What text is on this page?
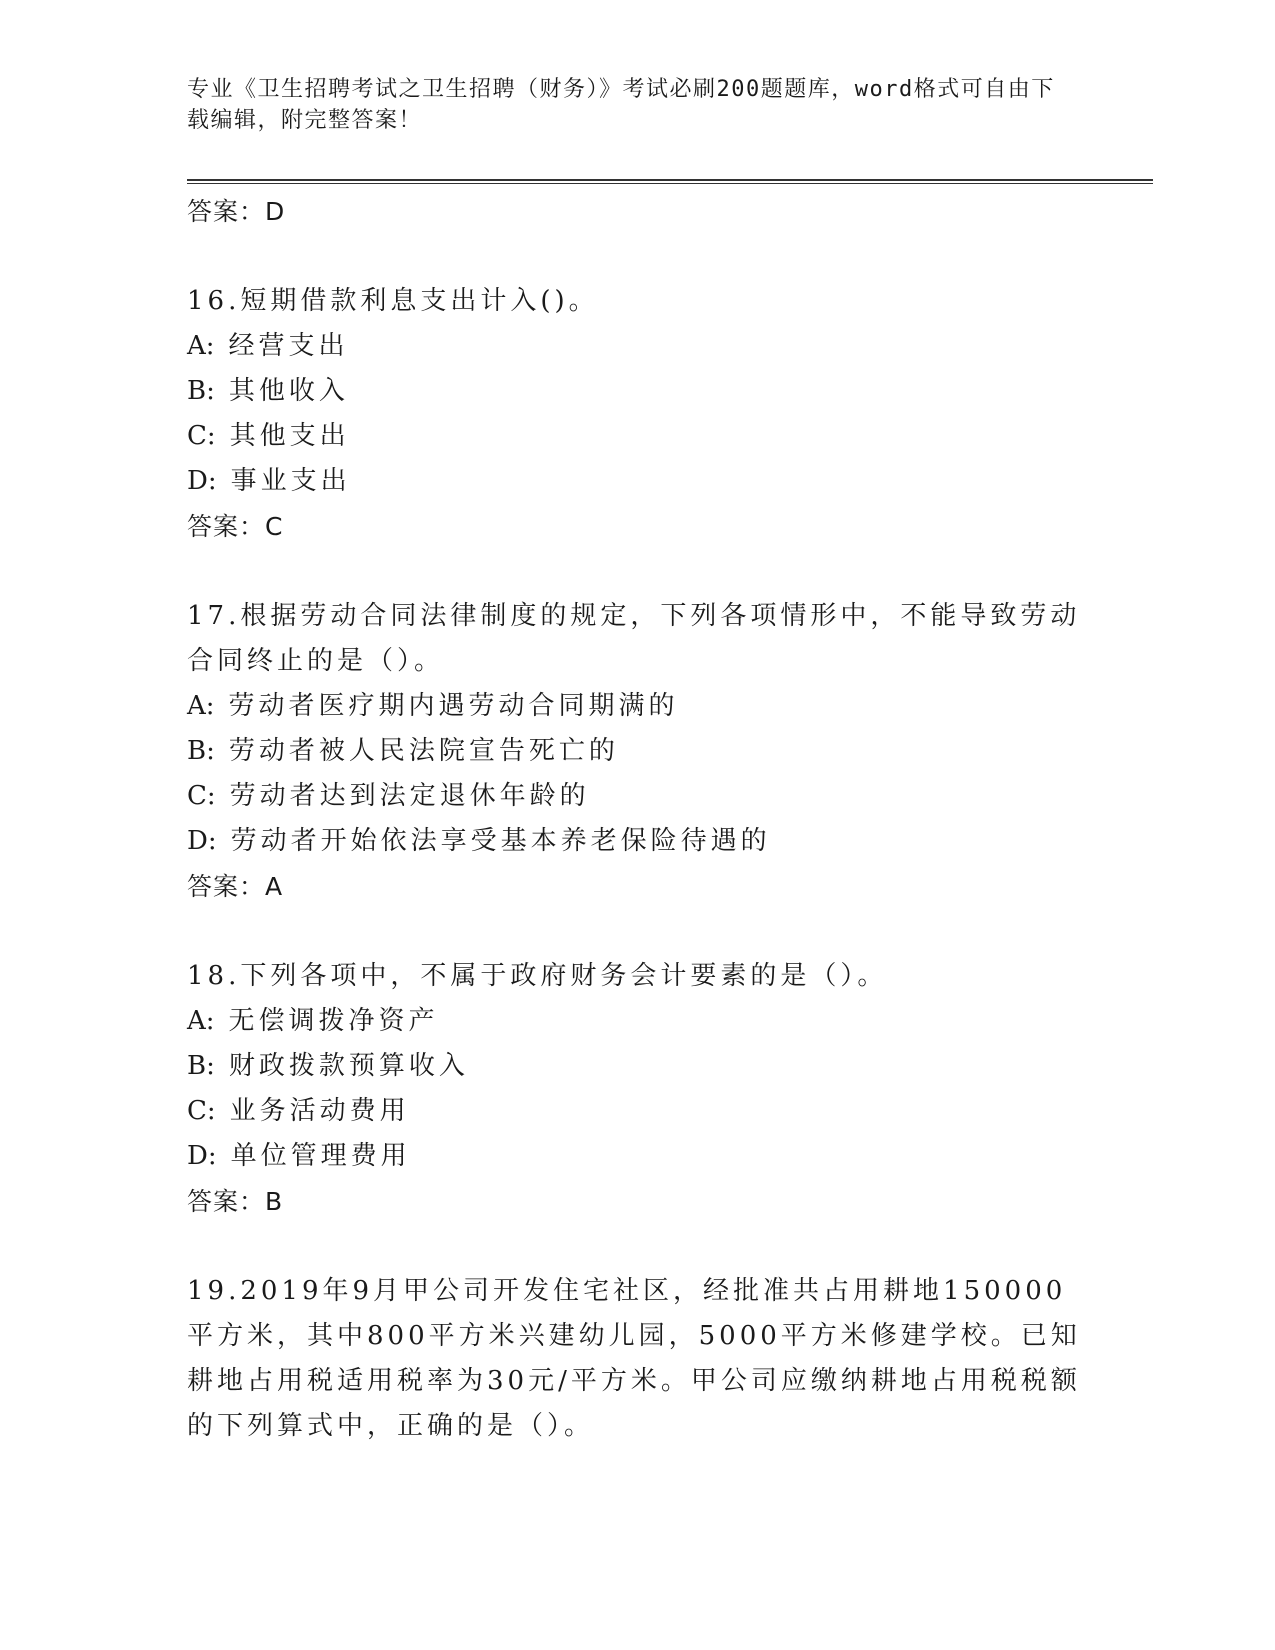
专业《卫生招聘考试之卫生招聘（财务）》考试必刷200题题库，word格式可自由下载编辑，附完整答案！
答案：D
16.短期借款利息支出计入()。
A: 经营支出
B: 其他收入
C: 其他支出
D: 事业支出
答案：C
17.根据劳动合同法律制度的规定，下列各项情形中，不能导致劳动合同终止的是（）。
A: 劳动者医疗期内遇劳动合同期满的
B: 劳动者被人民法院宣告死亡的
C: 劳动者达到法定退休年龄的
D: 劳动者开始依法享受基本养老保险待遇的
答案：A
18.下列各项中，不属于政府财务会计要素的是（）。
A: 无偿调拨净资产
B: 财政拨款预算收入
C: 业务活动费用
D: 单位管理费用
答案：B
19.2019年9月甲公司开发住宅社区，经批准共占用耕地150000平方米，其中800平方米兴建幼儿园，5000平方米修建学校。已知耕地占用税适用税率为30元/平方米。甲公司应缴纳耕地占用税税额的下列算式中，正确的是（）。
